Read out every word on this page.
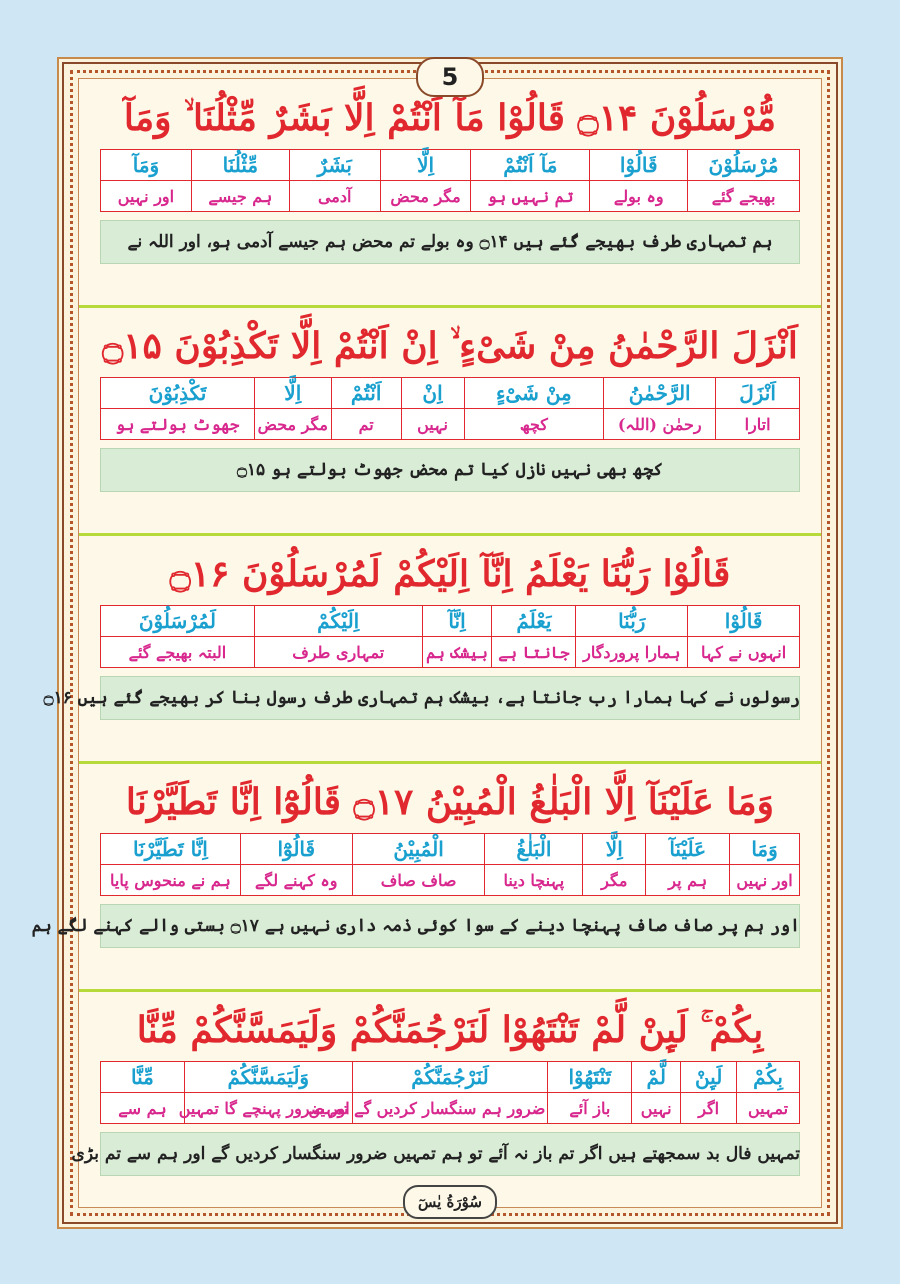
5
مُّرْسَلُوْنَ ۝۱۴ قَالُوْا مَآ اَنْتُمْ اِلَّا بَشَرٌ مِّثْلُنَا ۙ وَمَآ
مُرْسَلُوْنَ	قَالُوْا	مَآ اَنْتُمْ	اِلَّا	بَشَرٌ	مِّثْلُنَا	وَمَآ
بھیجے گئے	وہ بولے	تم نہیں ہو	مگر محض	آدمی	ہم جیسے	اور نہیں
ہم تمہاری طرف بھیجے گئے ہیں ۝۱۴ وہ بولے تم محض ہم جیسے آدمی ہو، اور اللہ نے
اَنْزَلَ الرَّحْمٰنُ مِنْ شَیْءٍ ۙ اِنْ اَنْتُمْ اِلَّا تَكْذِبُوْنَ ۝۱۵
اَنْزَلَ	الرَّحْمٰنُ	مِنْ شَیْءٍ	اِنْ	اَنْتُمْ	اِلَّا	تَكْذِبُوْنَ
اتارا	رحمٰن (اللہ)	کچھ	نہیں	تم	مگر محض	جھوٹ بولتے ہو
کچھ بھی نہیں نازل کیا تم محض جھوٹ بولتے ہو ۝۱۵
قَالُوْا رَبُّنَا یَعْلَمُ اِنَّآ اِلَیْكُمْ لَمُرْسَلُوْنَ ۝۱۶
قَالُوْا	رَبُّنَا	یَعْلَمُ	اِنَّآ	اِلَیْكُمْ	لَمُرْسَلُوْنَ
انہوں نے کہا	ہمارا پروردگار	جانتا ہے	بیشک ہم	تمہاری طرف	البتہ بھیجے گئے
رسولوں نے کہا ہمارا رب جانتا ہے، بیشک ہم تمہاری طرف رسول بنا کر بھیجے گئے ہیں ۝۱۶
وَمَا عَلَیْنَآ اِلَّا الْبَلٰغُ الْمُبِیْنُ ۝۱۷ قَالُوْٓا اِنَّا تَطَیَّرْنَا
وَمَا	عَلَیْنَآ	اِلَّا	الْبَلٰغُ	الْمُبِیْنُ	قَالُوْٓا	اِنَّا تَطَیَّرْنَا
اور نہیں	ہم پر	مگر	پہنچا دینا	صاف صاف	وہ کہنے لگے	ہم نے منحوس پایا
اور ہم پر صاف صاف پہنچا دینے کے سوا کوئی ذمہ داری نہیں ہے ۝۱۷ بستی والے کہنے لگے ہم
بِكُمْ ۚ لَىِٕنْ لَّمْ تَنْتَهُوْا لَنَرْجُمَنَّكُمْ وَلَیَمَسَّنَّكُمْ مِّنَّا
بِكُمْ	لَىِٕنْ	لَّمْ	تَنْتَهُوْا	لَنَرْجُمَنَّكُمْ	وَلَیَمَسَّنَّكُمْ	مِّنَّا
تمہیں	اگر	نہیں	باز آئے	ضرور ہم سنگسار کردیں گے تمہیں	اور ضرور پہنچے گا تمہیں	ہم سے
تمہیں فال بد سمجھتے ہیں اگر تم باز نہ آئے تو ہم تمہیں ضرور سنگسار کردیں گے اور ہم سے تم بڑی
سُوْرَةُ یٰسٓ
